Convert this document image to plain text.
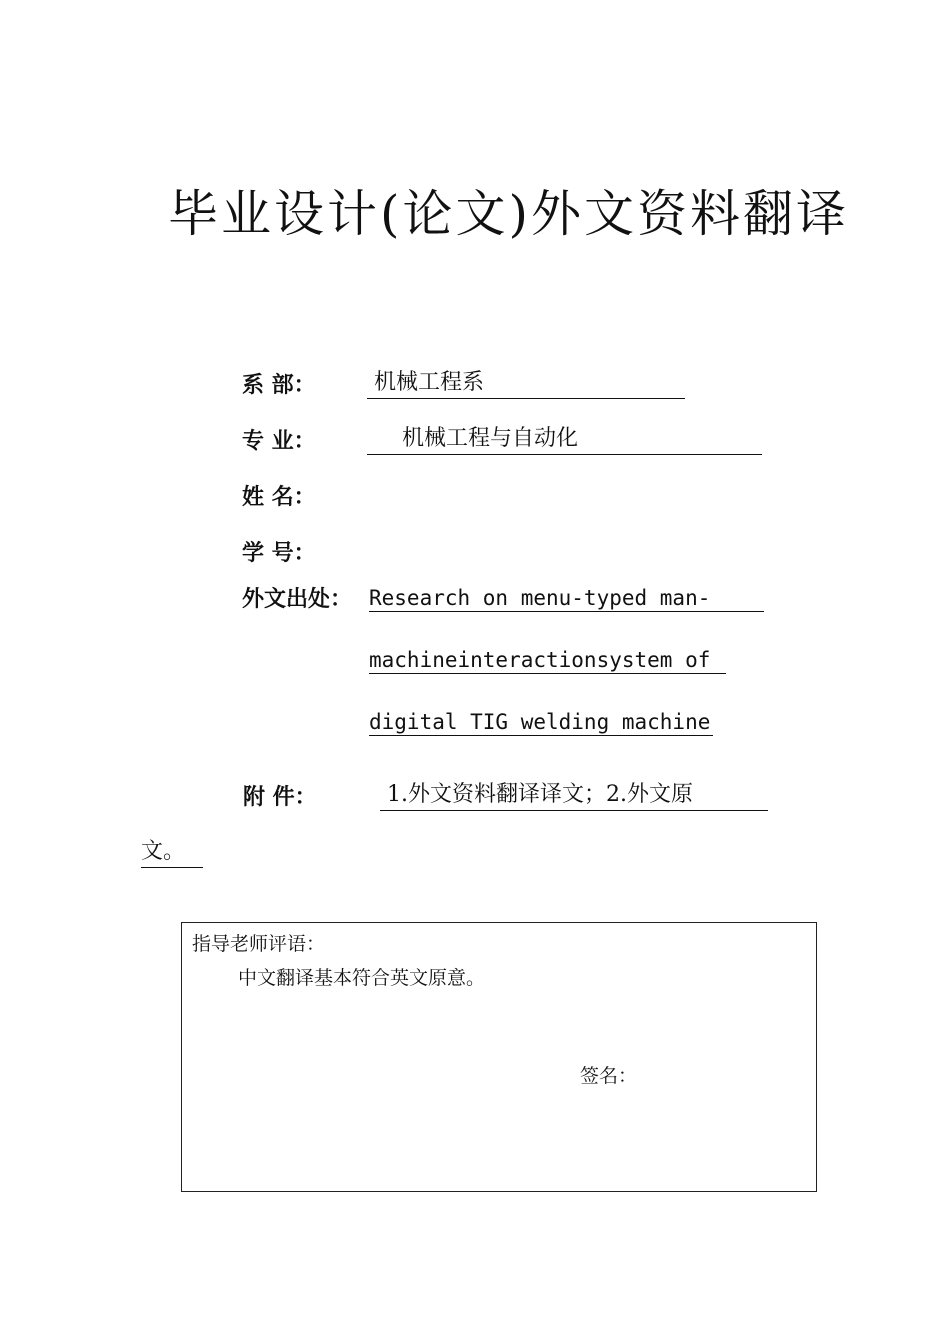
毕业设计(论文)外文资料翻译
系 部： 机械工程系
专 业： 机械工程与自动化
姓 名：
学 号：
外文出处： Research on menu-typed man-
machineinteractionsystem of
digital TIG welding machine
附 件：	1.外文资料翻译译文；2.外文原
文。
指导老师评语：
中文翻译基本符合英文原意。
签名：
